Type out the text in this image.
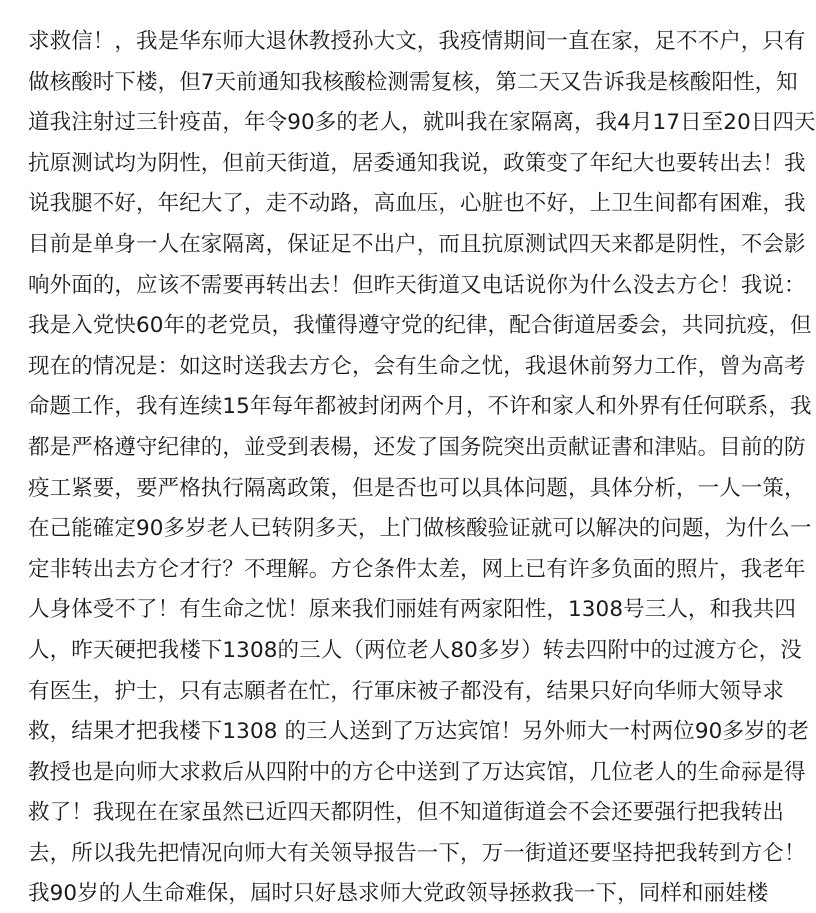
求救信！，我是华东师大退休教授孙大文，我疫情期间一直在家，足不不户，只有
做核酸时下楼，但7天前通知我核酸检测需复核，第二天又告诉我是核酸阳性，知
道我注射过三针疫苗，年令90多的老人，就叫我在家隔离，我4月17日至20日四天
抗原测试均为阴性，但前天街道，居委通知我说，政策变了年纪大也要转出去！我
说我腿不好，年纪大了，走不动路，高血压，心脏也不好，上卫生间都有困难，我
目前是单身一人在家隔离，保证足不出户，而且抗原测试四天来都是阴性，不会影
响外面的，应该不需要再转出去！但昨天街道又电话说你为什么没去方仑！我说：
我是入党快60年的老党员，我懂得遵守党的纪律，配合街道居委会，共同抗疫，但
现在的情况是：如这时送我去方仑，会有生命之忧，我退休前努力工作，曾为高考
命题工作，我有连续15年每年都被封闭两个月，不许和家人和外界有任何联系，我
都是严格遵守纪律的，並受到表楊，还发了国务院突出贡献证書和津贴。目前的防
疫工紧要，要严格执行隔离政策，但是否也可以具体问题，具体分析，一人一策，
在己能確定90多岁老人已转阴多天，上门做核酸验证就可以解决的问题，为什么一
定非转出去方仑才行？不理解。方仑条件太差，网上已有许多负面的照片，我老年
人身体受不了！有生命之忧！原来我们丽娃有两家阳性，1308号三人，和我共四
人，昨天硬把我楼下1308的三人（两位老人80多岁）转去四附中的过渡方仑，没
有医生，护士，只有志願者在忙，行軍床被子都没有，结果只好向华师大领导求
救，结果才把我楼下1308 的三人送到了万达宾馆！另外师大一村两位90多岁的老
教授也是向师大求救后从四附中的方仑中送到了万达宾馆，几位老人的生命祘是得
救了！我现在在家虽然已近四天都阴性，但不知道街道会不会还要强行把我转出
去，所以我先把情况向师大有关领导报告一下，万一街道还要坚持把我转到方仑！
我90岁的人生命难保，屆时只好恳求师大党政领导拯救我一下，同样和丽娃楼
